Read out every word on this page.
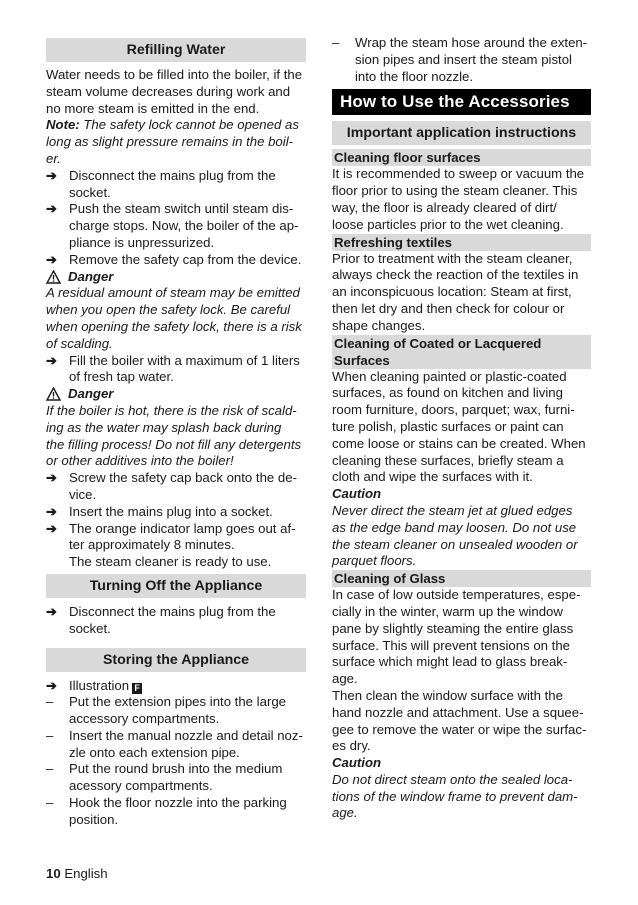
Refilling Water

Water needs to be filled into the boiler, if the

steam volume decreases during work and

no more steam is emitted in the end.

Note: The safety lock cannot be opened as

long as slight pressure remains in the boil-

er.

➔ Disconnect the mains plug from the
socket.
➔ Push the steam switch until steam dis-
charge stops. Now, the boiler of the ap-
pliance is unpressurized.
➔ Remove the safety cap from the device.
Danger

A residual amount of steam may be emitted

when you open the safety lock. Be careful

when opening the safety lock, there is a risk

of scalding.

➔ Fill the boiler with a maximum of 1 liters
of fresh tap water.
Danger

If the boiler is hot, there is the risk of scald-

ing as the water may splash back during

the filling process! Do not fill any detergents

or other additives into the boiler!

➔ Screw the safety cap back onto the de-
vice.
➔ Insert the mains plug into a socket.
➔ The orange indicator lamp goes out af-
ter approximately 8 minutes.
The steam cleaner is ready to use.
Turning Off the Appliance
➔ Disconnect the mains plug from the
socket.
Storing the Appliance
➔ Illustration F
– Put the extension pipes into the large
accessory compartments.
– Insert the manual nozzle and detail noz-
zle onto each extension pipe.
– Put the round brush into the medium
acessory compartments.
– Hook the floor nozzle into the parking
position.
– Wrap the steam hose around the exten-
sion pipes and insert the steam pistol
into the floor nozzle.
How to Use the Accessories
Important application instructions
Cleaning floor surfaces

It is recommended to sweep or vacuum the

floor prior to using the steam cleaner. This

way, the floor is already cleared of dirt/

loose particles prior to the wet cleaning.

Refreshing textiles

Prior to treatment with the steam cleaner,

always check the reaction of the textiles in

an inconspicuous location: Steam at first,

then let dry and then check for colour or

shape changes.

Cleaning of Coated or Lacquered
Surfaces

When cleaning painted or plastic-coated

surfaces, as found on kitchen and living

room furniture, doors, parquet; wax, furni-

ture polish, plastic surfaces or paint can

come loose or stains can be created. When

cleaning these surfaces, briefly steam a

cloth and wipe the surfaces with it.

Caution

Never direct the steam jet at glued edges

as the edge band may loosen. Do not use

the steam cleaner on unsealed wooden or

parquet floors.

Cleaning of Glass

In case of low outside temperatures, espe-

cially in the winter, warm up the window

pane by slightly steaming the entire glass

surface. This will prevent tensions on the

surface which might lead to glass break-

age.

Then clean the window surface with the

hand nozzle and attachment. Use a squee-

gee to remove the water or wipe the surfac-

es dry.

Caution

Do not direct steam onto the sealed loca-

tions of the window frame to prevent dam-

age.

10 English
